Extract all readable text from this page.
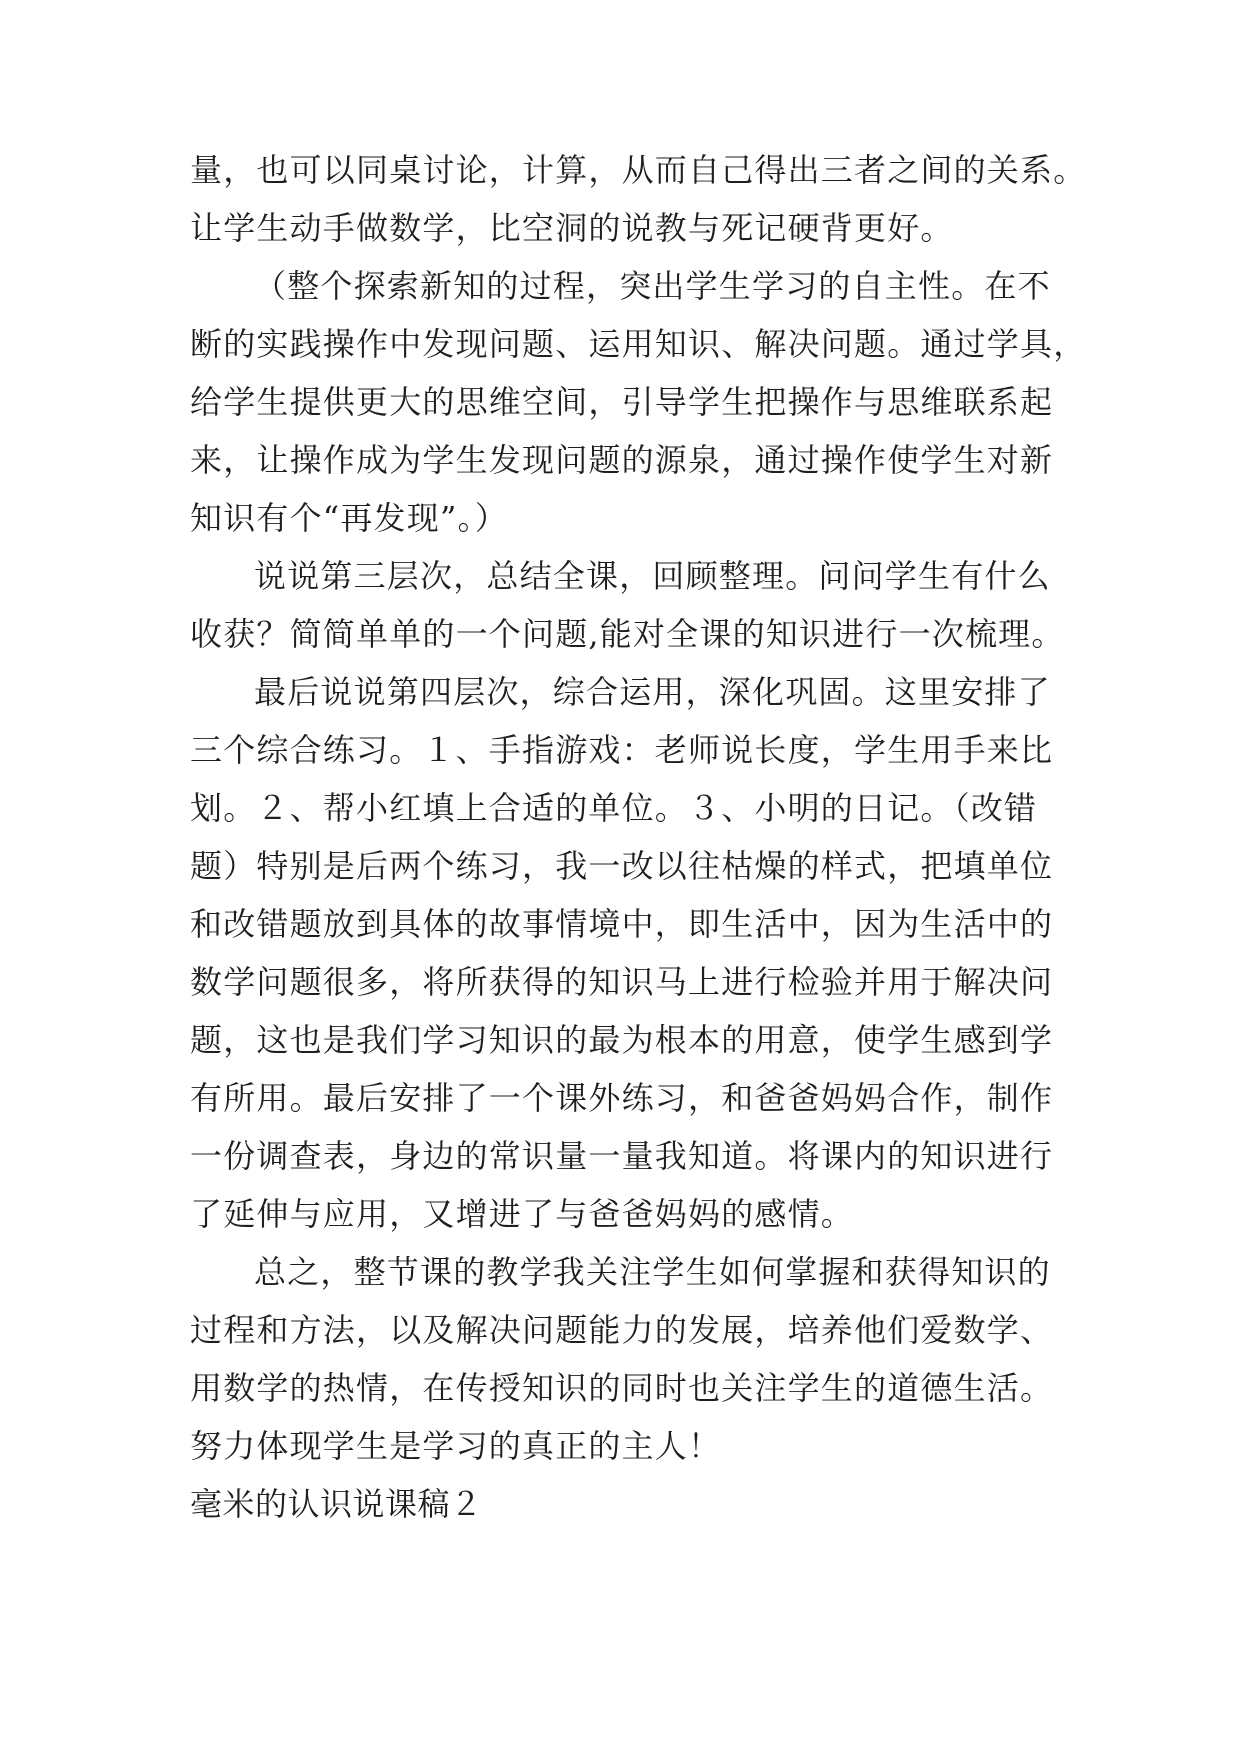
量，也可以同桌讨论，计算，从而自己得出三者之间的关系。

让学生动手做数学，比空洞的说教与死记硬背更好。

（整个探索新知的过程，突出学生学习的自主性。在不

断的实践操作中发现问题、运用知识、解决问题。通过学具，

给学生提供更大的思维空间，引导学生把操作与思维联系起

来，让操作成为学生发现问题的源泉，通过操作使学生对新

知识有个“再发现”。）

说说第三层次，总结全课，回顾整理。问问学生有什么

收获？简简单单的一个问题,能对全课的知识进行一次梳理。

最后说说第四层次，综合运用，深化巩固。这里安排了

三个综合练习。１、手指游戏：老师说长度，学生用手来比

划。２、帮小红填上合适的单位。３、小明的日记。（改错

题）特别是后两个练习，我一改以往枯燥的样式，把填单位

和改错题放到具体的故事情境中，即生活中，因为生活中的

数学问题很多，将所获得的知识马上进行检验并用于解决问

题，这也是我们学习知识的最为根本的用意，使学生感到学

有所用。最后安排了一个课外练习，和爸爸妈妈合作，制作

一份调查表，身边的常识量一量我知道。将课内的知识进行

了延伸与应用，又增进了与爸爸妈妈的感情。

总之，整节课的教学我关注学生如何掌握和获得知识的

过程和方法，以及解决问题能力的发展，培养他们爱数学、

用数学的热情，在传授知识的同时也关注学生的道德生活。

努力体现学生是学习的真正的主人！

毫米的认识说课稿２
